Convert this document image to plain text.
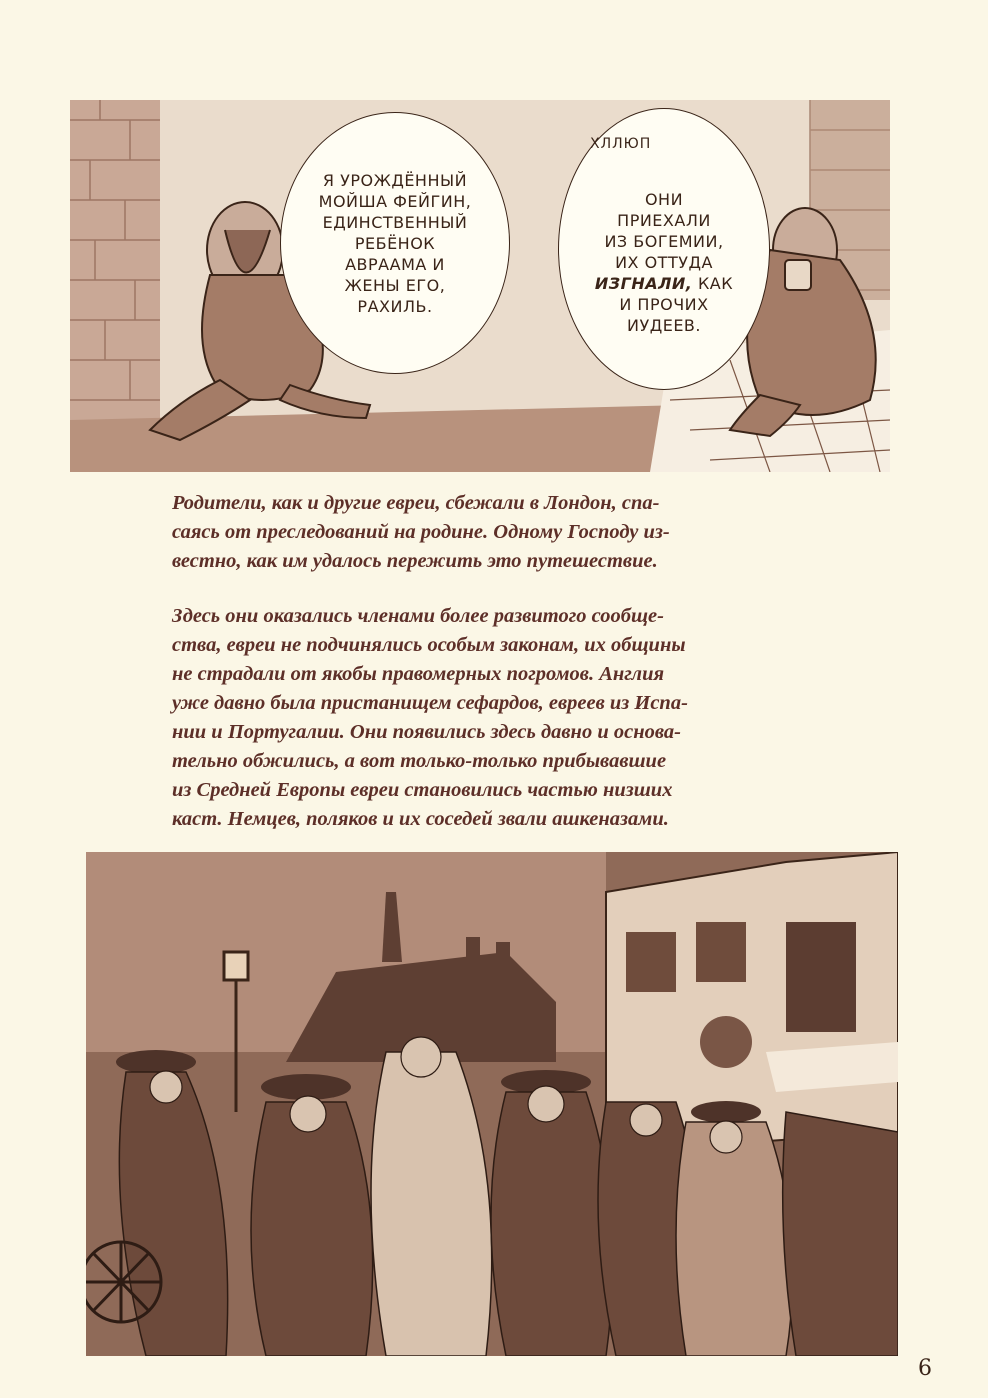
Я УРОЖДЁННЫЙ
МОЙША ФЕЙГИН,
ЕДИНСТВЕННЫЙ
РЕБЁНОК
АВРААМА И
ЖЕНЫ ЕГО,
РАХИЛЬ.
ОНИ
ПРИЕХАЛИ
ИЗ БОГЕМИИ,
ИХ ОТТУДА
ИЗГНАЛИ, КАК
И ПРОЧИХ
ИУДЕЕВ.
ХЛЛЮП
Родители, как и другие евреи, сбежали в Лондон, спа-
саясь от преследований на родине. Одному Господу из-
вестно, как им удалось пережить это путешествие.
Здесь они оказались членами более развитого сообще-
ства, евреи не подчинялись особым законам, их общины
не страдали от якобы правомерных погромов. Англия
уже давно была пристанищем сефардов, евреев из Испа-
нии и Португалии. Они появились здесь давно и основа-
тельно обжились, а вот только-только прибывавшие
из Средней Европы евреи становились частью низших
каст. Немцев, поляков и их соседей звали ашкеназами.
6
